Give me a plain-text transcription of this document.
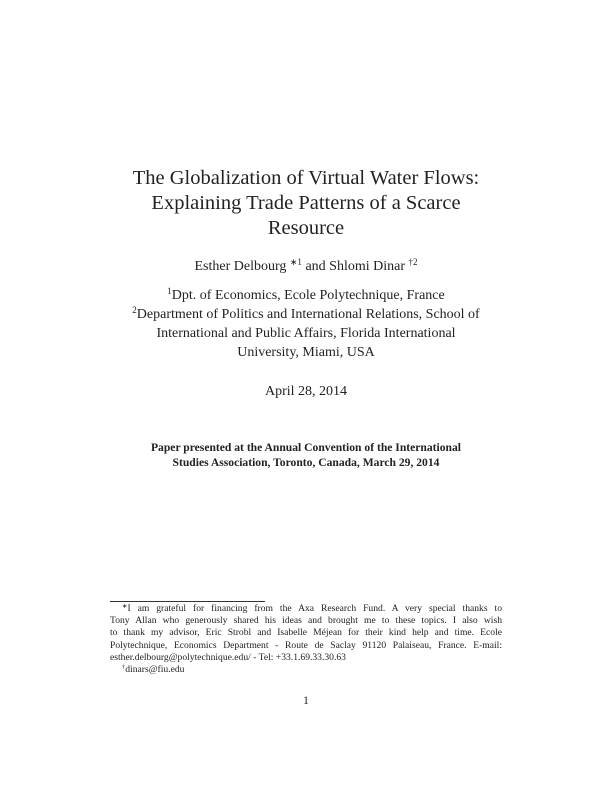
The Globalization of Virtual Water Flows:
Explaining Trade Patterns of a Scarce
Resource
Esther Delbourg $^{∗1}$ and Shlomi Dinar $^{\dagger 2}$
$^1$Dpt. of Economics, Ecole Polytechnique, France
$^2$Department of Politics and International Relations, School of
International and Public Affairs, Florida International
University, Miami, USA
April 28, 2014
Paper presented at the Annual Convention of the International
Studies Association, Toronto, Canada, March 29, 2014
∗I am grateful for financing from the Axa Research Fund. A very special thanks to
Tony Allan who generously shared his ideas and brought me to these topics. I also wish
to thank my advisor, Eric Strobl and Isabelle Méjean for their kind help and time. Ecole
Polytechnique, Economics Department - Route de Saclay 91120 Palaiseau, France. E-mail:
esther.delbourg@polytechnique.edu/ - Tel: +33.1.69.33.30.63
†dinars@fiu.edu
1
